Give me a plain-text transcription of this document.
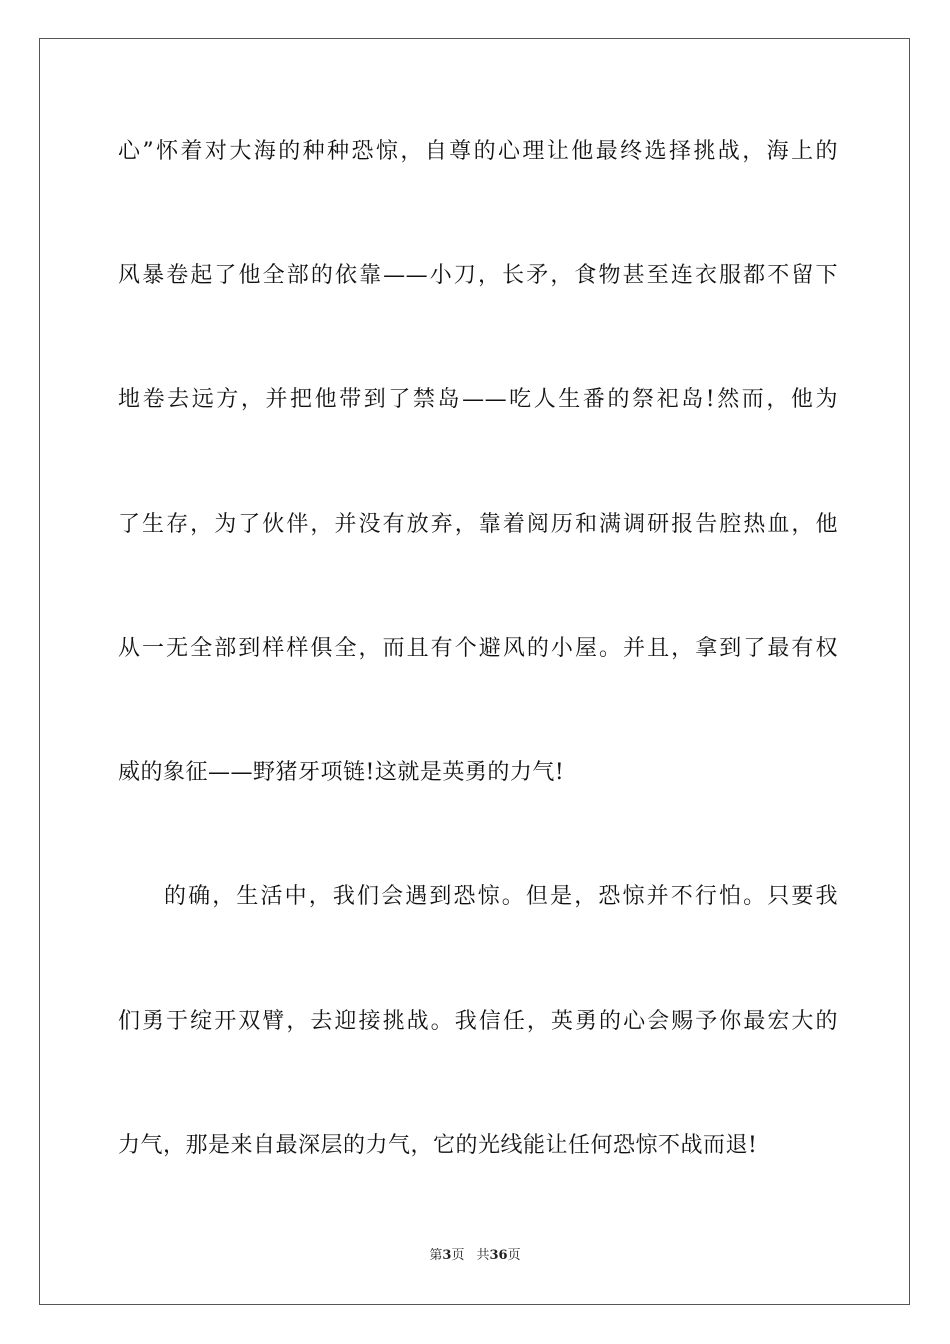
心”怀着对大海的种种恐惊，自尊的心理让他最终选择挑战，海上的
风暴卷起了他全部的依靠——小刀，长矛，食物甚至连衣服都不留下
地卷去远方，并把他带到了禁岛——吃人生番的祭祀岛!然而，他为
了生存，为了伙伴，并没有放弃，靠着阅历和满调研报告腔热血，他
从一无全部到样样俱全，而且有个避风的小屋。并且，拿到了最有权
威的象征——野猪牙项链!这就是英勇的力气!
的确，生活中，我们会遇到恐惊。但是，恐惊并不行怕。只要我
们勇于绽开双臂，去迎接挑战。我信任，英勇的心会赐予你最宏大的
力气，那是来自最深层的力气，它的光线能让任何恐惊不战而退!
第3页 共36页
